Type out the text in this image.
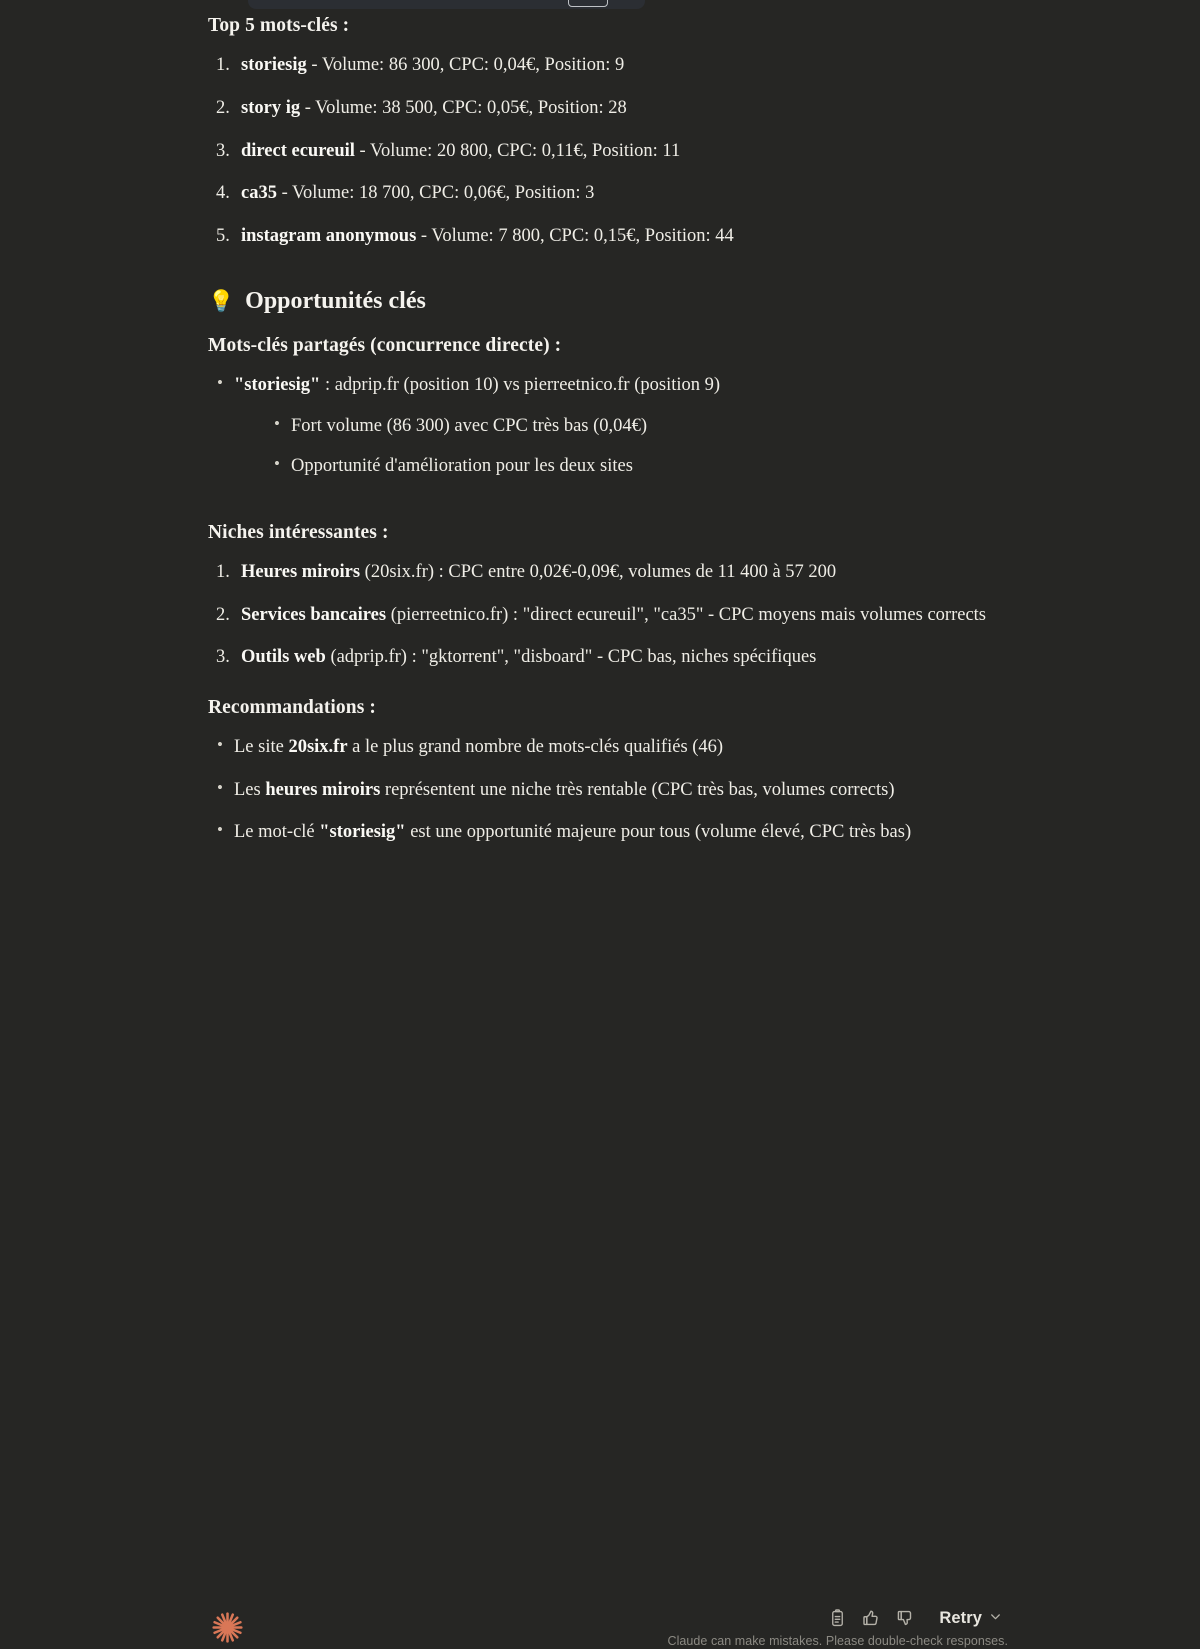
Top 5 mots-clés :
1. storiesig - Volume: 86 300, CPC: 0,04€, Position: 9
2. story ig - Volume: 38 500, CPC: 0,05€, Position: 28
3. direct ecureuil - Volume: 20 800, CPC: 0,11€, Position: 11
4. ca35 - Volume: 18 700, CPC: 0,06€, Position: 3
5. instagram anonymous - Volume: 7 800, CPC: 0,15€, Position: 44
💡 Opportunités clés
Mots-clés partagés (concurrence directe) :
• "storiesig" : adprip.fr (position 10) vs pierreetnico.fr (position 9)
• Fort volume (86 300) avec CPC très bas (0,04€)
• Opportunité d'amélioration pour les deux sites
Niches intéressantes :
1. Heures miroirs (20six.fr) : CPC entre 0,02€-0,09€, volumes de 11 400 à 57 200
2. Services bancaires (pierreetnico.fr) : "direct ecureuil", "ca35" - CPC moyens mais volumes corrects
3. Outils web (adprip.fr) : "gktorrent", "disboard" - CPC bas, niches spécifiques
Recommandations :
• Le site 20six.fr a le plus grand nombre de mots-clés qualifiés (46)
• Les heures miroirs représentent une niche très rentable (CPC très bas, volumes corrects)
• Le mot-clé "storiesig" est une opportunité majeure pour tous (volume élevé, CPC très bas)
Retry
Claude can make mistakes. Please double-check responses.
